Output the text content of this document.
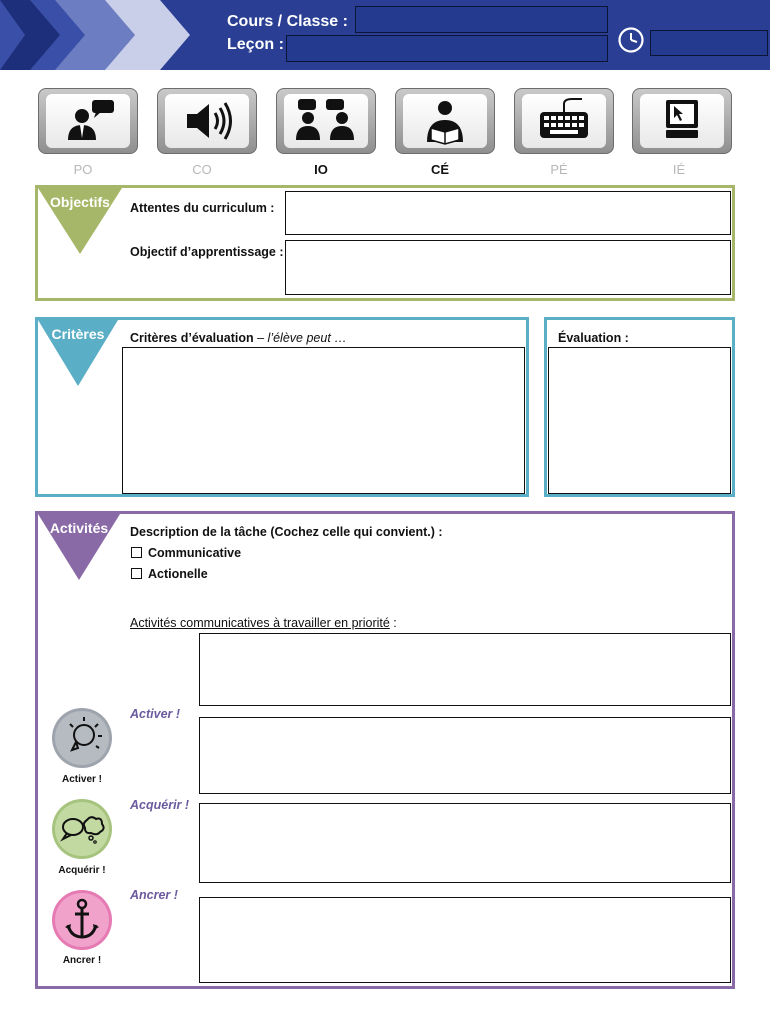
Cours / Classe :
Leçon :
PO	CO	IO	CÉ	PÉ	IÉ
Objectifs	Attentes du curriculum :
Objectif d’apprentissage :
Critères	Critères d’évaluation – l’élève peut …	Évaluation :
Activités	Description de la tâche (Cochez celle qui convient.) :
Communicative
Actionelle
Activités communicatives à travailler en priorité :
Activer !
Acquérir !
Ancrer !
Activer !
Acquérir !
Ancrer !
